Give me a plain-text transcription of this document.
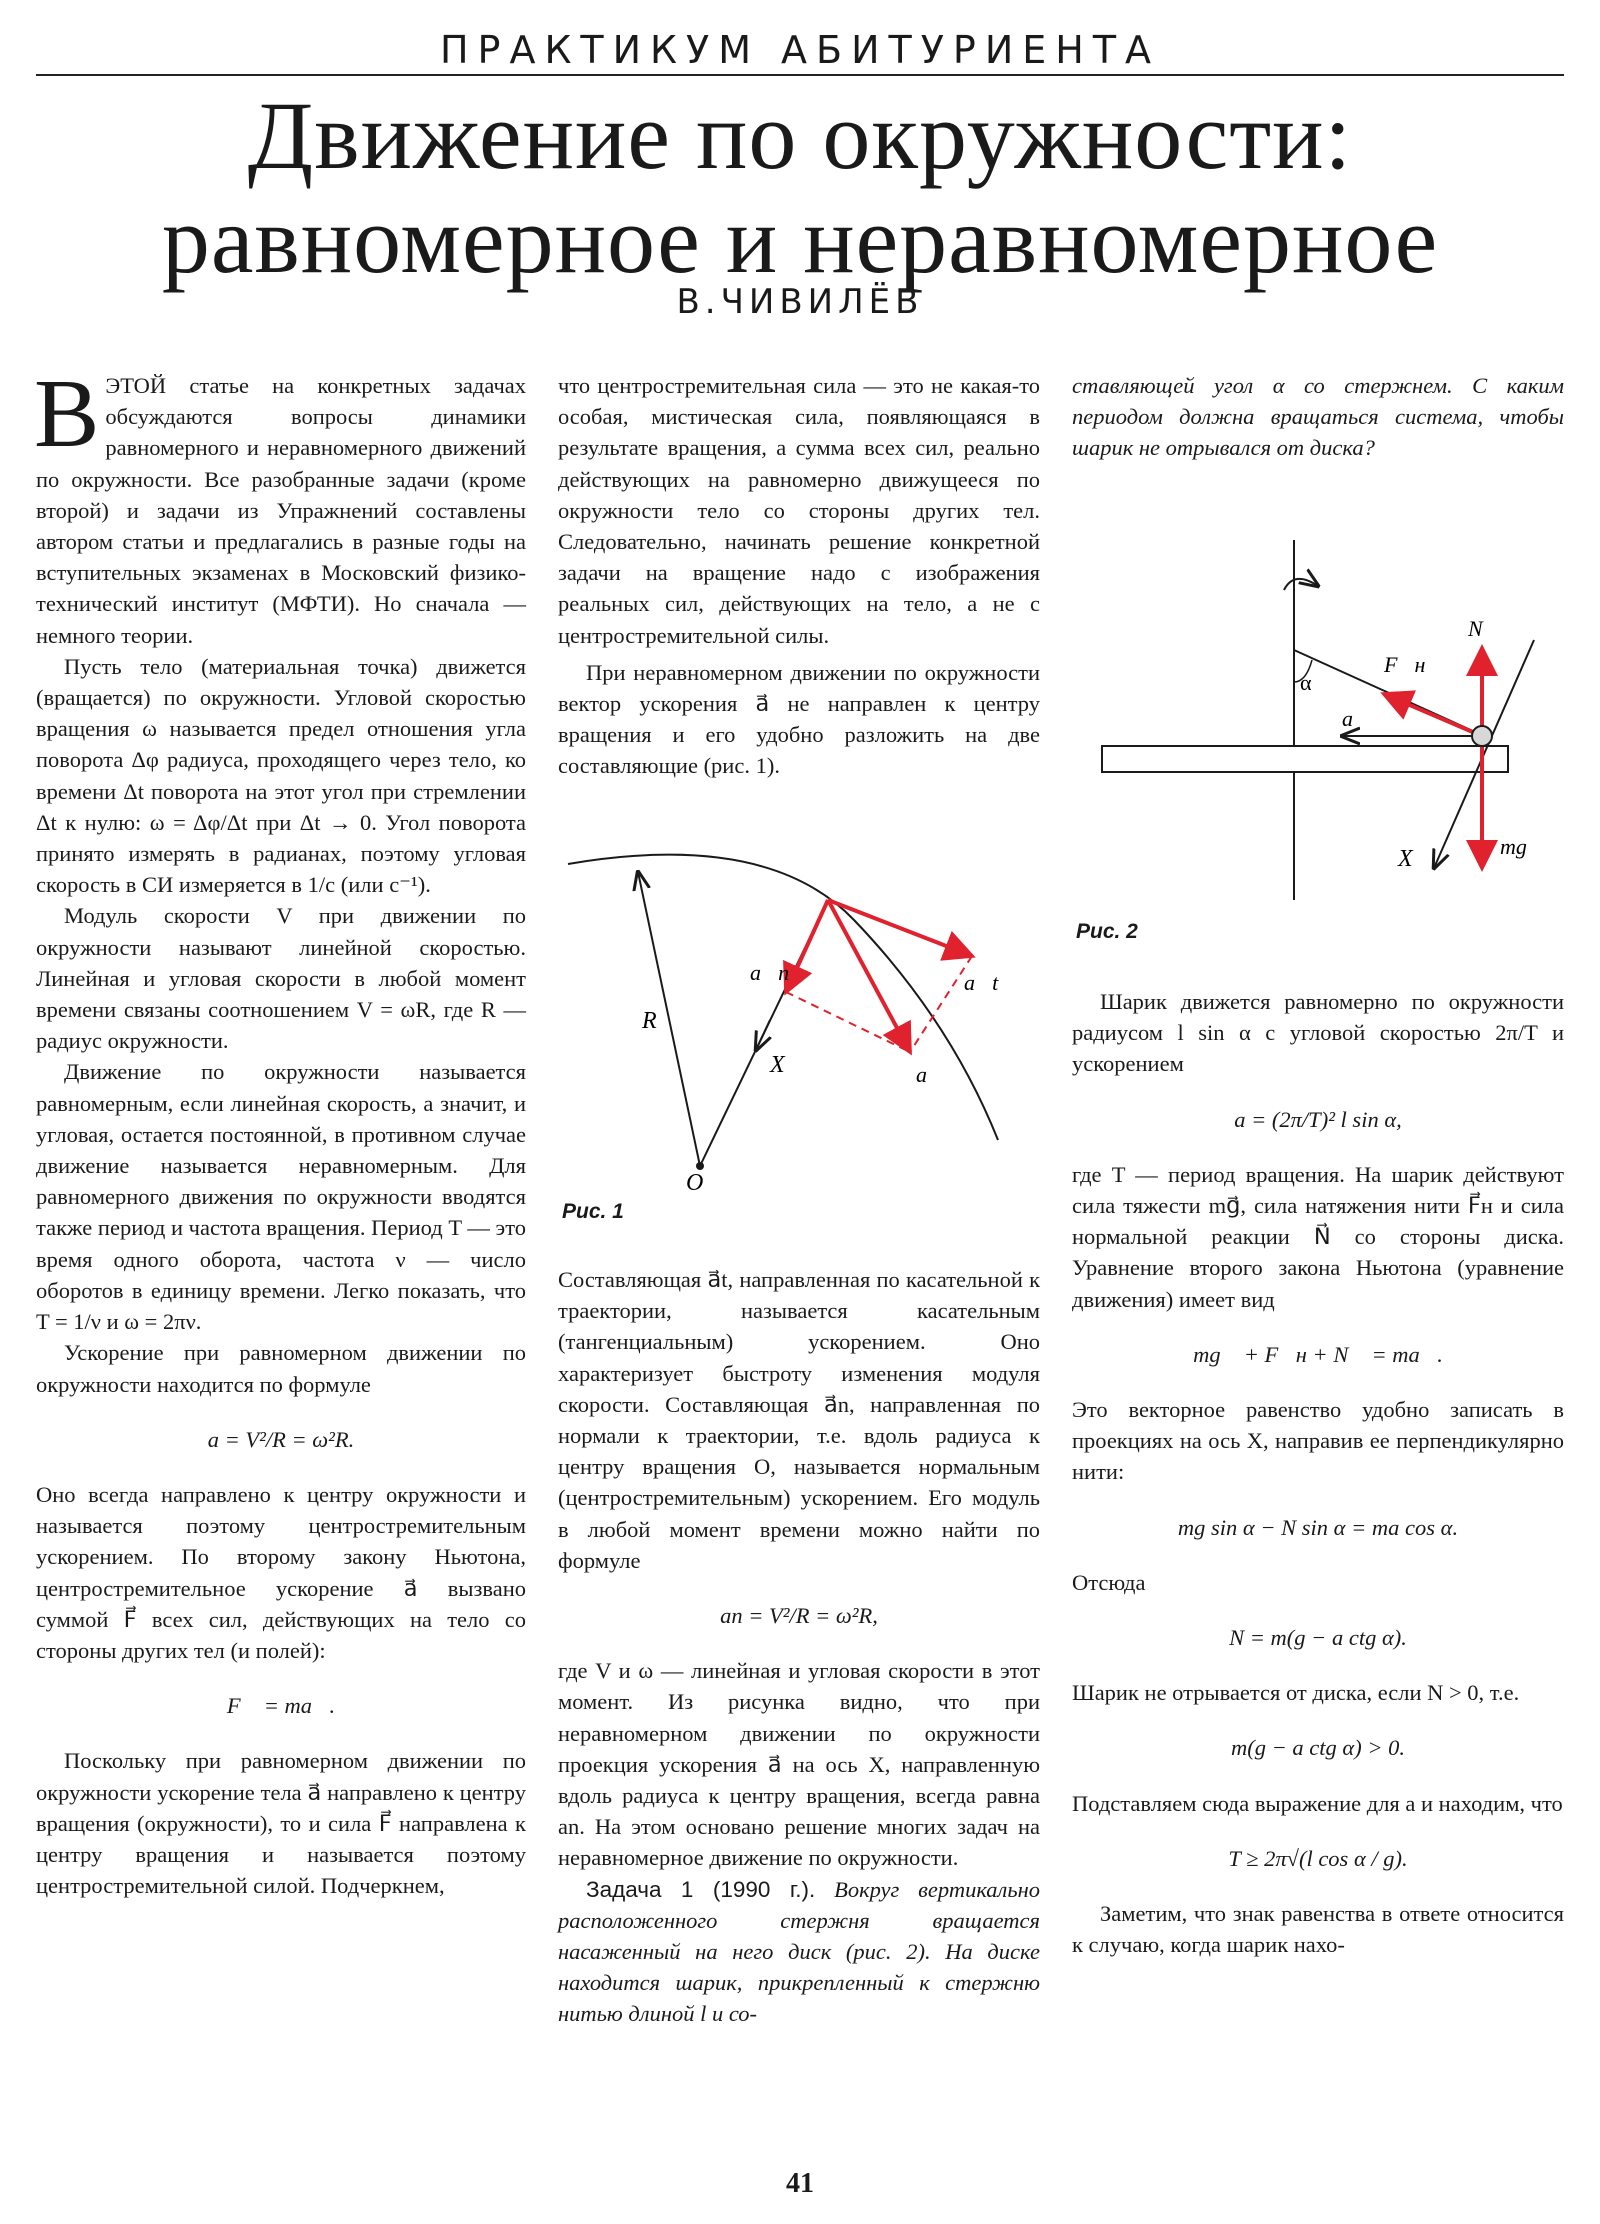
ПРАКТИКУМ АБИТУРИЕНТА
Движение по окружности:
равномерное и неравномерное
В.ЧИВИЛЁВ

ВЭТОЙ статье на конкретных задачах обсуждаются вопросы динамики равномерного и неравномерного движений по окружности. Все разобранные задачи (кроме второй) и задачи из Упражнений составлены автором статьи и предлагались в разные годы на вступительных экзаменах в Московский физико-технический институт (МФТИ). Но сначала — немного теории.

Пусть тело (материальная точка) движется (вращается) по окружности. Угловой скоростью вращения ω называется предел отношения угла поворота Δφ радиуса, проходящего через тело, ко времени Δt поворота на этот угол при стремлении Δt к нулю: ω = Δφ/Δt при Δt → 0. Угол поворота принято измерять в радианах, поэтому угловая скорость в СИ измеряется в 1/с (или с⁻¹).

Модуль скорости V при движении по окружности называют линейной скоростью. Линейная и угловая скорости в любой момент времени связаны соотношением V = ωR, где R — радиус окружности.

Движение по окружности называется равномерным, если линейная скорость, а значит, и угловая, остается постоянной, в противном случае движение называется неравномерным. Для равномерного движения по окружности вводятся также период и частота вращения. Период T — это время одного оборота, частота ν — число оборотов в единицу времени. Легко показать, что T = 1/ν и ω = 2πν.

Ускорение при равномерном движении по окружности находится по формуле

a = V²/R = ω²R.

Оно всегда направлено к центру окружности и называется поэтому центростремительным ускорением. По второму закону Ньютона, центростремительное ускорение a⃗ вызвано суммой F⃗ всех сил, действующих на тело со стороны других тел (и полей):

F⃗ = ma⃗.

Поскольку при равномерном движении по окружности ускорение тела a⃗ направлено к центру вращения (окружности), то и сила F⃗ направлена к центру вращения и называется поэтому центростремительной силой. Подчеркнем,

что центростремительная сила — это не какая-то особая, мистическая сила, появляющаяся в результате вращения, а сумма всех сил, реально действующих на равномерно движущееся по окружности тело со стороны других тел. Следовательно, начинать решение конкретной задачи на вращение надо с изображения реальных сил, действующих на тело, а не с центростремительной силы.

При неравномерном движении по окружности вектор ускорения a⃗ не направлен к центру вращения и его удобно разложить на две составляющие (рис. 1).

R
O
X
a⃗n	a⃗t
a⃗
Рис. 1

Составляющая a⃗t, направленная по касательной к траектории, называется касательным (тангенциальным) ускорением. Оно характеризует быстроту изменения модуля скорости. Составляющая a⃗n, направленная по нормали к траектории, т.е. вдоль радиуса к центру вращения O, называется нормальным (центростремительным) ускорением. Его модуль в любой момент времени можно найти по формуле

an = V²/R = ω²R,

где V и ω — линейная и угловая скорости в этот момент. Из рисунка видно, что при неравномерном движении по окружности проекция ускорения a⃗ на ось X, направленную вдоль радиуса к центру вращения, всегда равна an. На этом основано решение многих задач на неравномерное движение по окружности.

Задача 1 (1990 г.). Вокруг вертикально расположенного стержня вращается насаженный на него диск (рис. 2). На диске находится шарик, прикрепленный к стержню нитью длиной l и со-

ставляющей угол α со стержнем. С каким периодом должна вращаться система, чтобы шарик не отрывался от диска?

α
F⃗н
N⃗
a⃗
X	mg⃗
Рис. 2

Шарик движется равномерно по окружности радиусом l sin α с угловой скоростью 2π/T и ускорением

a = (2π/T)² l sin α,

где T — период вращения. На шарик действуют сила тяжести mg⃗, сила натяжения нити F⃗н и сила нормальной реакции N⃗ со стороны диска. Уравнение второго закона Ньютона (уравнение движения) имеет вид

mg⃗ + F⃗н + N⃗ = ma⃗.

Это векторное равенство удобно записать в проекциях на ось X, направив ее перпендикулярно нити:

mg sin α − N sin α = ma cos α.

Отсюда

N = m(g − a ctg α).

Шарик не отрывается от диска, если N > 0, т.е.

m(g − a ctg α) > 0.

Подставляем сюда выражение для a и находим, что

T ≥ 2π√(l cos α / g).

Заметим, что знак равенства в ответе относится к случаю, когда шарик нахо-

41
